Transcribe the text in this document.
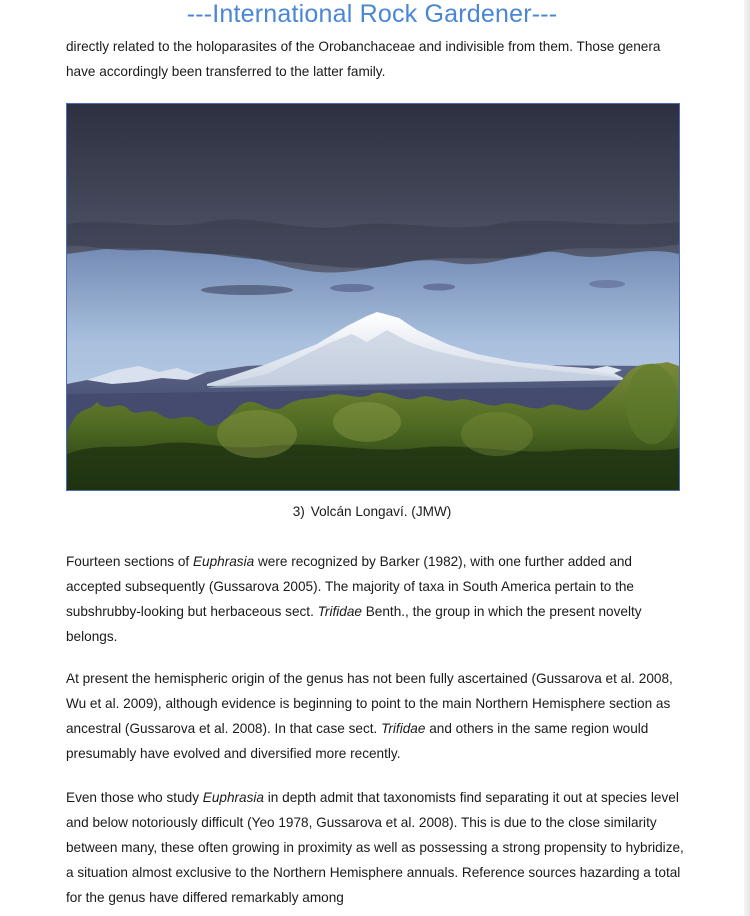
---International Rock Gardener---

directly related to the holoparasites of the Orobanchaceae and indivisible from them. Those genera have accordingly been transferred to the latter family.

3) Volcán Longaví. (JMW)

Fourteen sections of Euphrasia were recognized by Barker (1982), with one further added and accepted subsequently (Gussarova 2005). The majority of taxa in South America pertain to the subshrubby-looking but herbaceous sect. Trifidae Benth., the group in which the present novelty belongs.

At present the hemispheric origin of the genus has not been fully ascertained (Gussarova et al. 2008, Wu et al. 2009), although evidence is beginning to point to the main Northern Hemisphere section as ancestral (Gussarova et al. 2008). In that case sect. Trifidae and others in the same region would presumably have evolved and diversified more recently.

Even those who study Euphrasia in depth admit that taxonomists find separating it out at species level and below notoriously difficult (Yeo 1978, Gussarova et al. 2008). This is due to the close similarity between many, these often growing in proximity as well as possessing a strong propensity to hybridize, a situation almost exclusive to the Northern Hemisphere annuals. Reference sources hazarding a total for the genus have differed remarkably among
